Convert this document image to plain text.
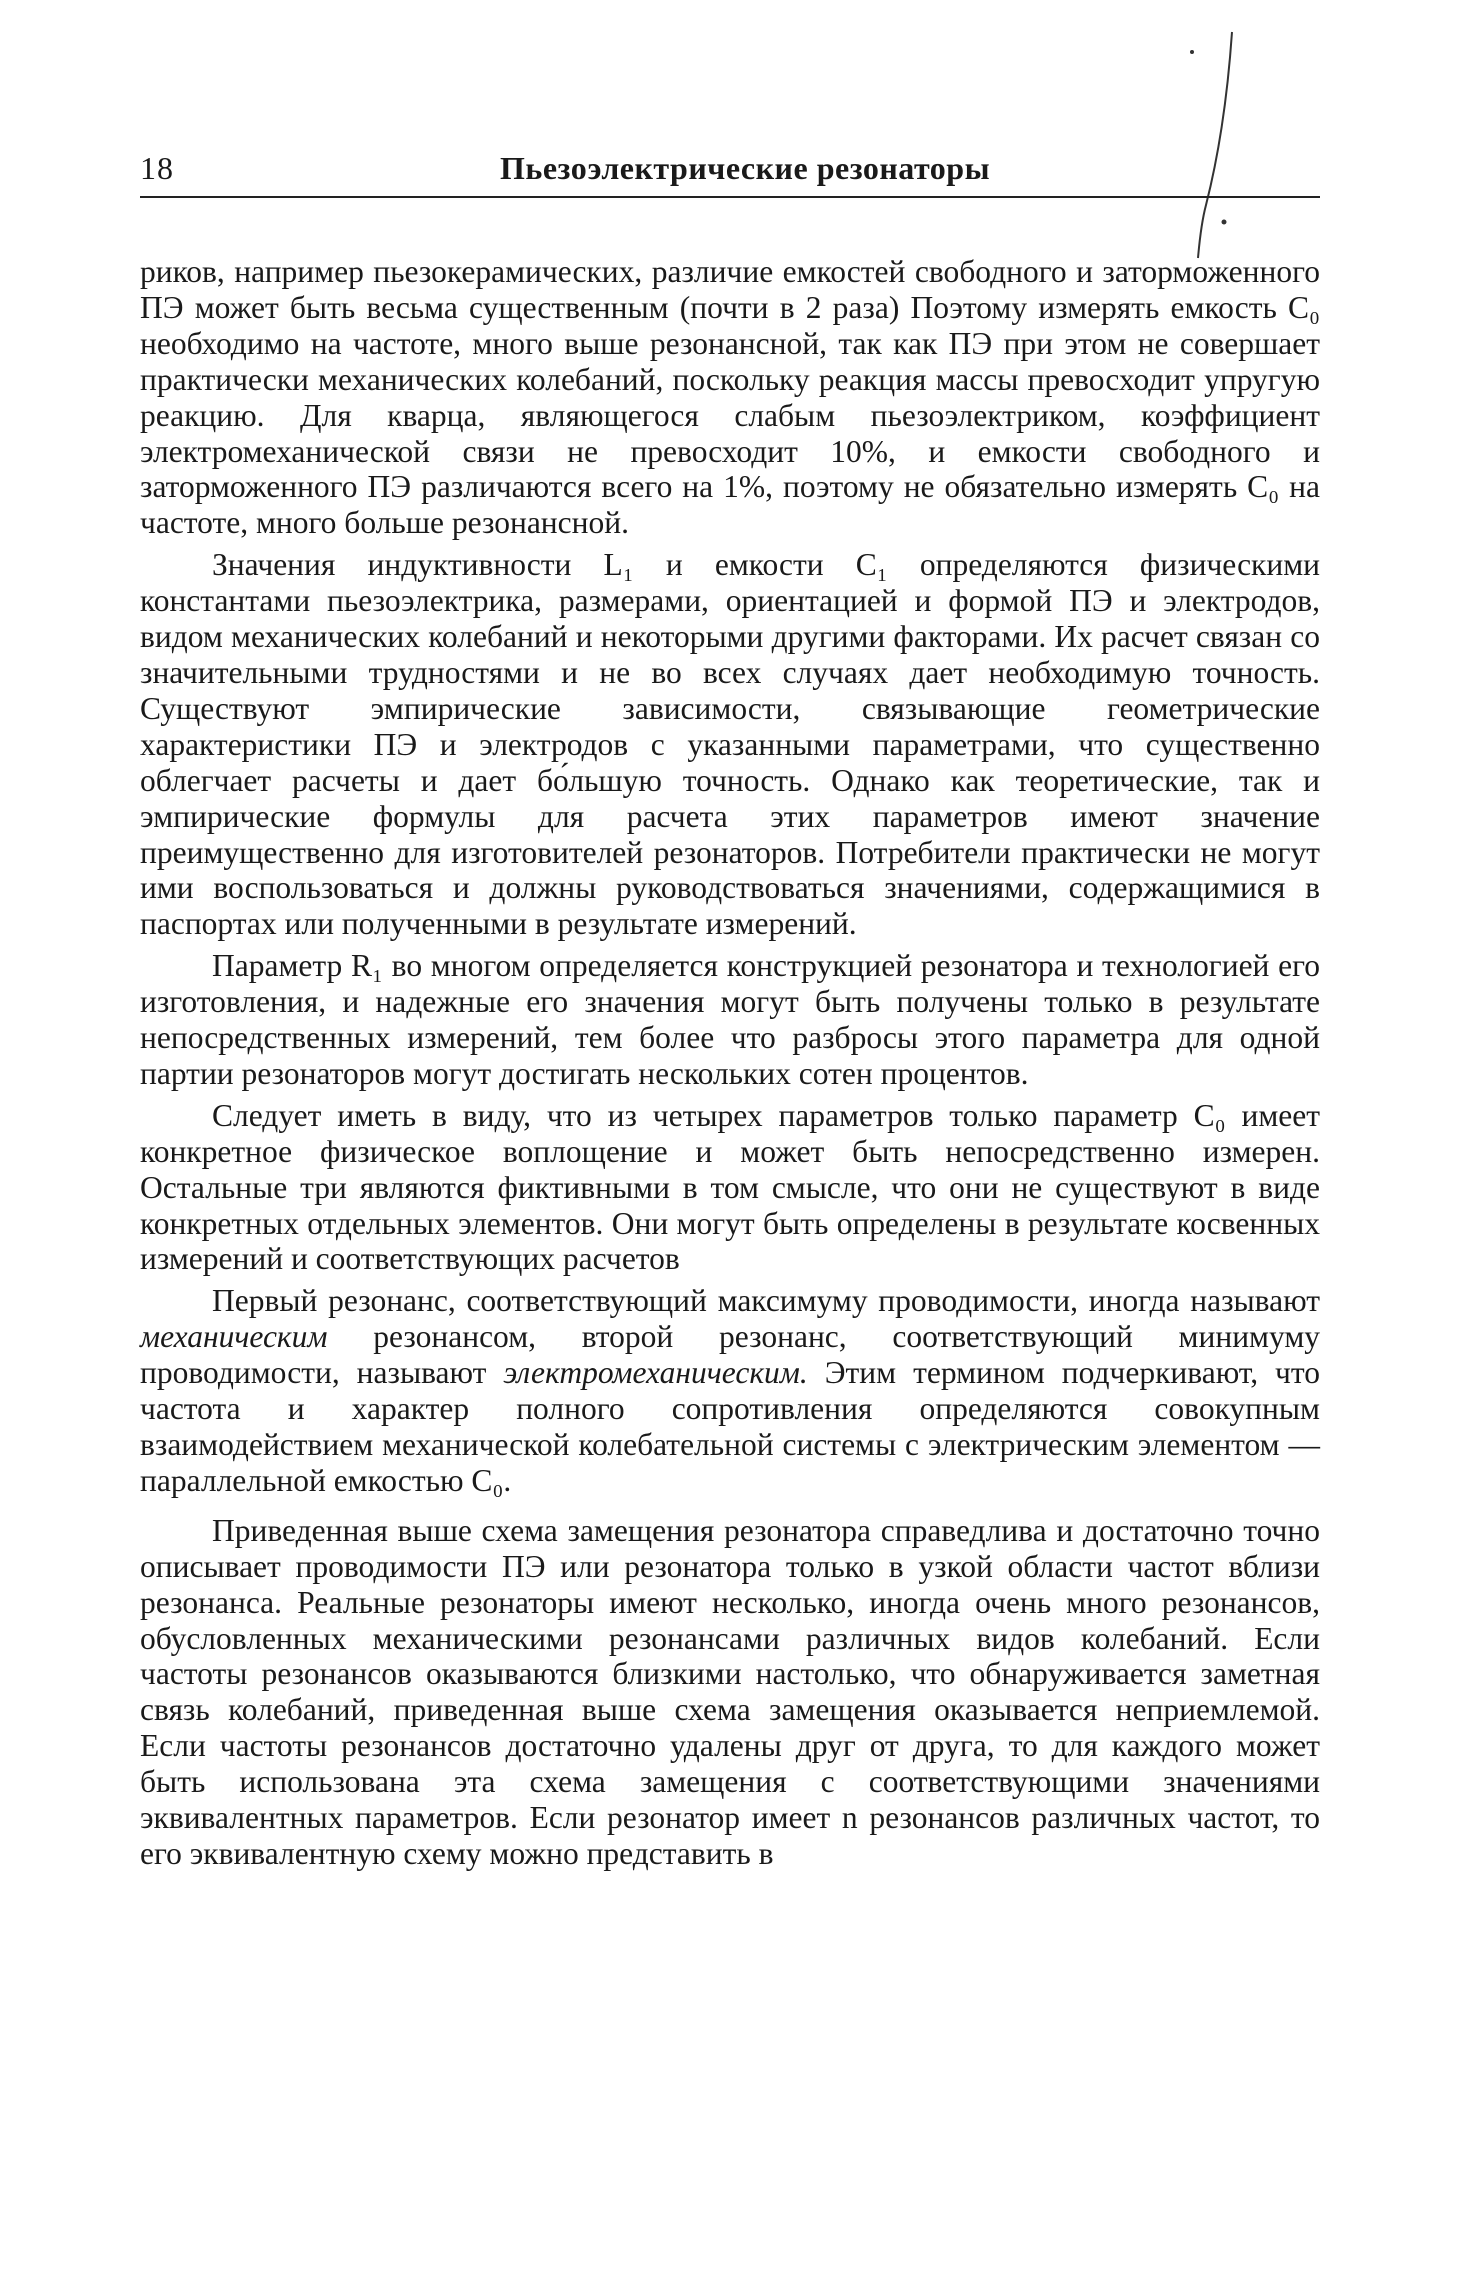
18	Пьезоэлектрические резонаторы

риков, например пьезокерамических, различие емкостей свободного и заторможенного ПЭ может быть весьма существенным (почти в 2 раза) Поэтому измерять емкость C₀ необходимо на частоте, много выше резонансной, так как ПЭ при этом не совершает практически механических колебаний, поскольку реакция массы превосходит упругую реакцию. Для кварца, являющегося слабым пьезоэлектриком, коэффициент электромеханической связи не превосходит 10%, и емкости свободного и заторможенного ПЭ различаются всего на 1%, поэтому не обязательно измерять C₀ на частоте, много больше резонансной.

Значения индуктивности L₁ и емкости C₁ определяются физическими константами пьезоэлектрика, размерами, ориентацией и формой ПЭ и электродов, видом механических колебаний и некоторыми другими факторами. Их расчет связан со значительными трудностями и не во всех случаях дает необходимую точность. Существуют эмпирические зависимости, связывающие геометрические характеристики ПЭ и электродов с указанными параметрами, что существенно облегчает расчеты и дает бо́льшую точность. Однако как теоретические, так и эмпирические формулы для расчета этих параметров имеют значение преимущественно для изготовителей резонаторов. Потребители практически не могут ими воспользоваться и должны руководствоваться значениями, содержащимися в паспортах или полученными в результате измерений.

Параметр R₁ во многом определяется конструкцией резонатора и технологией его изготовления, и надежные его значения могут быть получены только в результате непосредственных измерений, тем более что разбросы этого параметра для одной партии резонаторов могут достигать нескольких сотен процентов.

Следует иметь в виду, что из четырех параметров только параметр C₀ имеет конкретное физическое воплощение и может быть непосредственно измерен. Остальные три являются фиктивными в том смысле, что они не существуют в виде конкретных отдельных элементов. Они могут быть определены в результате косвенных измерений и соответствующих расчетов

Первый резонанс, соответствующий максимуму проводимости, иногда называют механическим резонансом, второй резонанс, соответствующий минимуму проводимости, называют электромеханическим. Этим термином подчеркивают, что частота и характер полного сопротивления определяются совокупным взаимодействием механической колебательной системы с электрическим элементом — параллельной емкостью C₀.

Приведенная выше схема замещения резонатора справедлива и достаточно точно описывает проводимости ПЭ или резонатора только в узкой области частот вблизи резонанса. Реальные резонаторы имеют несколько, иногда очень много резонансов, обусловленных механическими резонансами различных видов колебаний. Если частоты резонансов оказываются близкими настолько, что обнаруживается заметная связь колебаний, приведенная выше схема замещения оказывается неприемлемой. Если частоты резонансов достаточно удалены друг от друга, то для каждого может быть использована эта схема замещения с соответствующими значениями эквивалентных параметров. Если резонатор имеет n резонансов различных частот, то его эквивалентную схему можно представить в
